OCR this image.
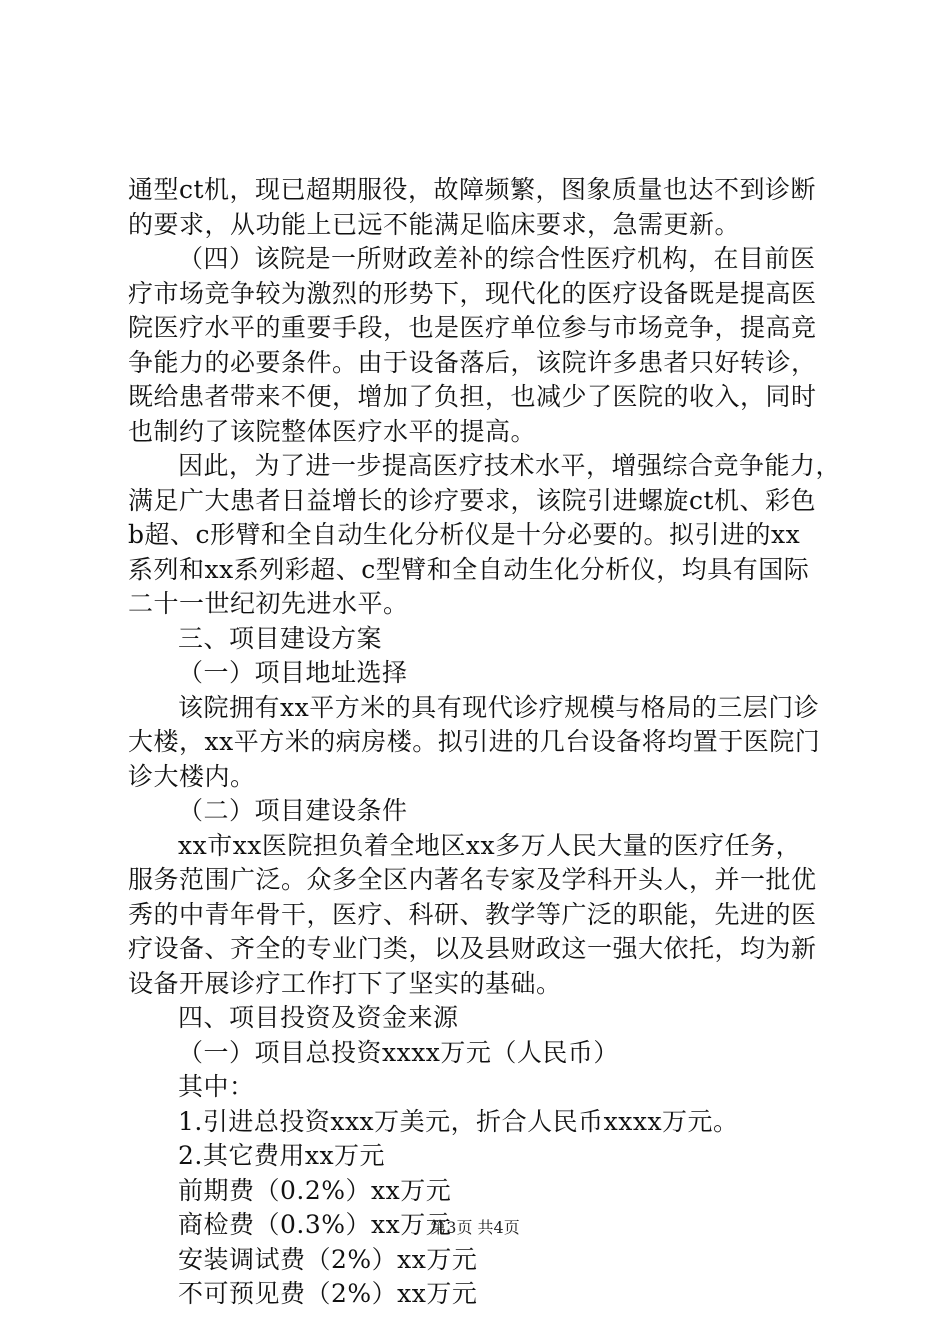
通型ct机，现已超期服役，故障频繁，图象质量也达不到诊断
的要求，从功能上已远不能满足临床要求，急需更新。
（四）该院是一所财政差补的综合性医疗机构，在目前医
疗市场竞争较为激烈的形势下，现代化的医疗设备既是提高医
院医疗水平的重要手段，也是医疗单位参与市场竞争，提高竞
争能力的必要条件。由于设备落后，该院许多患者只好转诊，
既给患者带来不便，增加了负担，也减少了医院的收入，同时
也制约了该院整体医疗水平的提高。
因此，为了进一步提高医疗技术水平，增强综合竞争能力，
满足广大患者日益增长的诊疗要求，该院引进螺旋ct机、彩色
b超、c形臂和全自动生化分析仪是十分必要的。拟引进的xx
系列和xx系列彩超、c型臂和全自动生化分析仪，均具有国际
二十一世纪初先进水平。
三、项目建设方案
（一）项目地址选择
该院拥有xx平方米的具有现代诊疗规模与格局的三层门诊
大楼，xx平方米的病房楼。拟引进的几台设备将均置于医院门
诊大楼内。
（二）项目建设条件
xx市xx医院担负着全地区xx多万人民大量的医疗任务，
服务范围广泛。众多全区内著名专家及学科开头人，并一批优
秀的中青年骨干，医疗、科研、教学等广泛的职能，先进的医
疗设备、齐全的专业门类，以及县财政这一强大依托，均为新
设备开展诊疗工作打下了坚实的基础。
四、项目投资及资金来源
（一）项目总投资xxxx万元（人民币）
其中：
1.引进总投资xxx万美元，折合人民币xxxx万元。
2.其它费用xx万元
前期费（0.2%）xx万元
商检费（0.3%）xx万元
安装调试费（2%）xx万元
不可预见费（2%）xx万元
第3页 共4页
